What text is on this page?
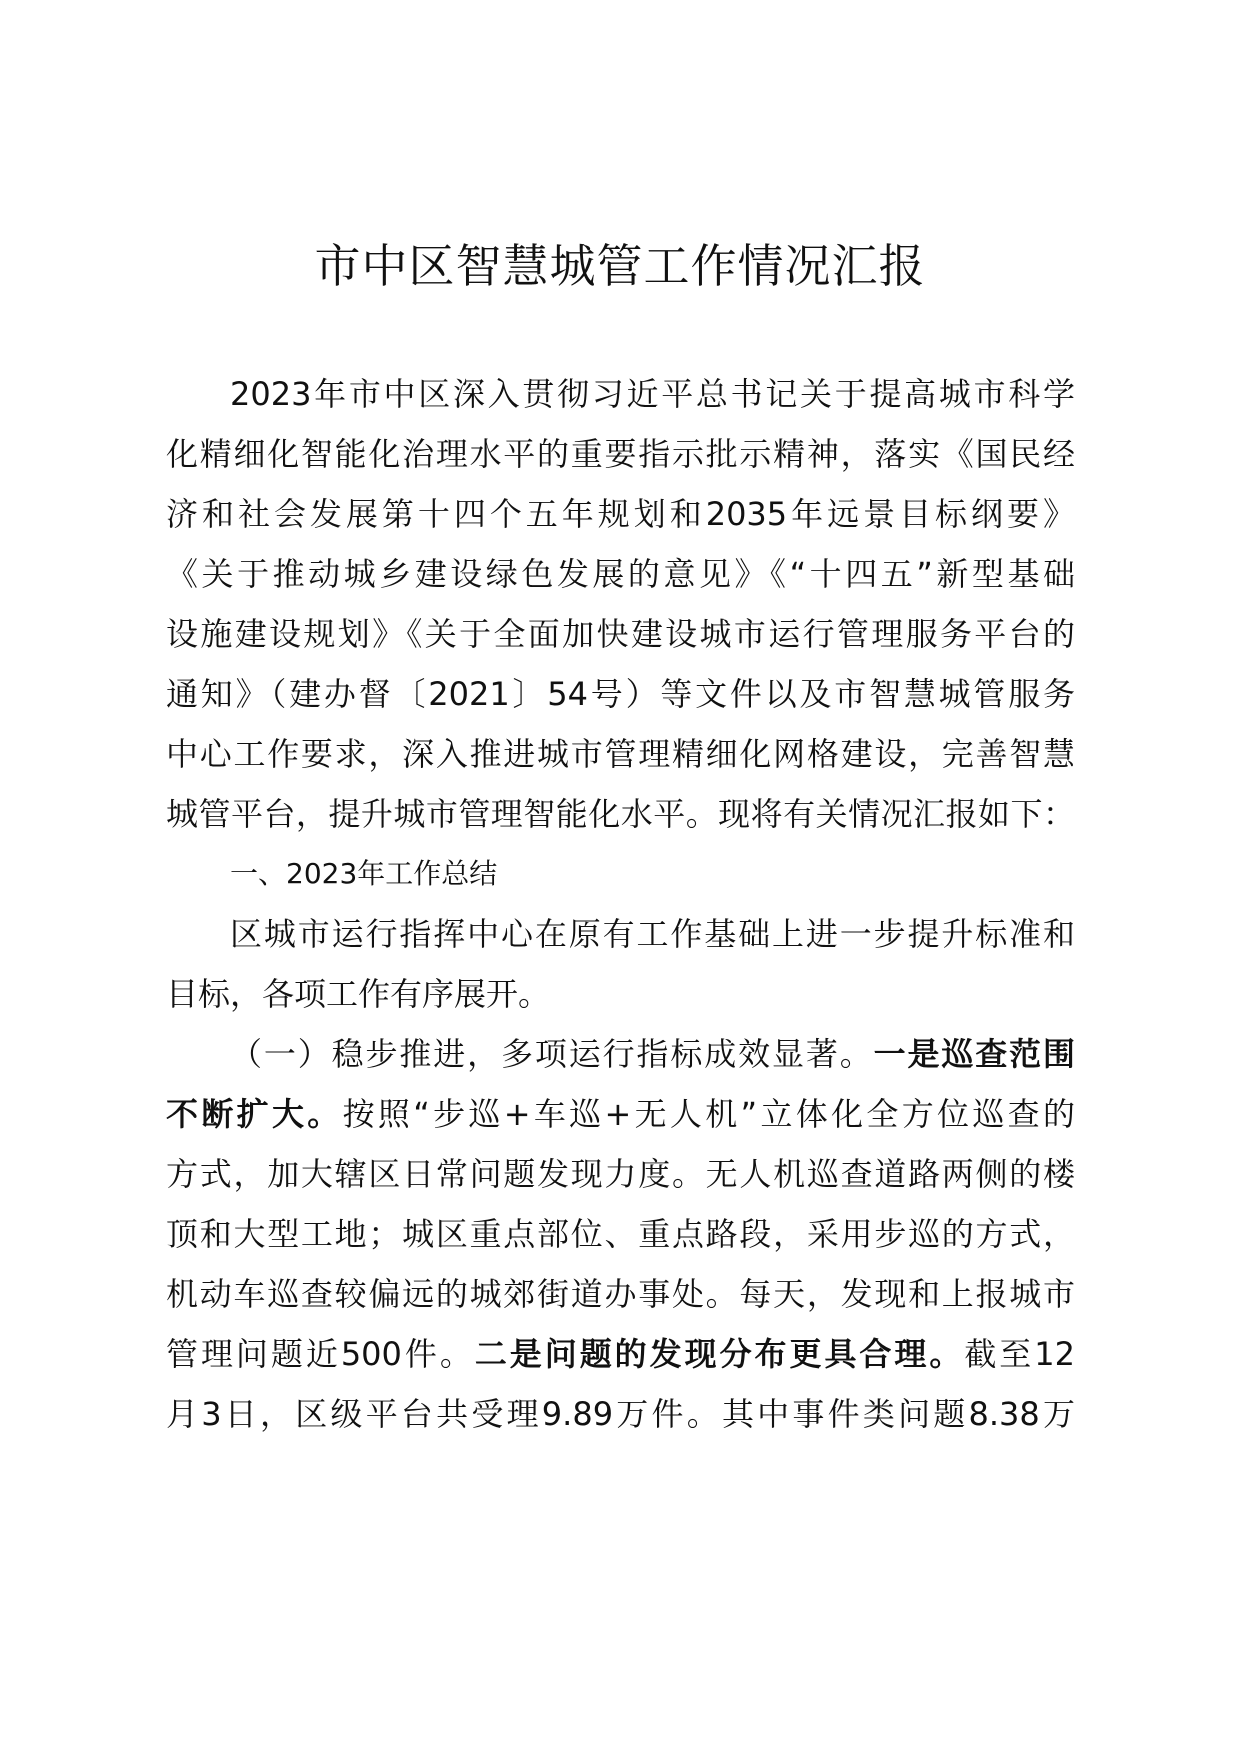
市中区智慧城管工作情况汇报
2023年市中区深入贯彻习近平总书记关于提高城市科学
化精细化智能化治理水平的重要指示批示精神，落实《国民经
济和社会发展第十四个五年规划和2035年远景目标纲要》
《关于推动城乡建设绿色发展的意见》《“十四五”新型基础
设施建设规划》《关于全面加快建设城市运行管理服务平台的
通知》（建办督〔2021〕54号）等文件以及市智慧城管服务
中心工作要求，深入推进城市管理精细化网格建设，完善智慧
城管平台，提升城市管理智能化水平。现将有关情况汇报如下：
一、2023年工作总结
区城市运行指挥中心在原有工作基础上进一步提升标准和
目标，各项工作有序展开。
（一）稳步推进，多项运行指标成效显著。一是巡查范围
不断扩大。按照“步巡+车巡+无人机”立体化全方位巡查的
方式，加大辖区日常问题发现力度。无人机巡查道路两侧的楼
顶和大型工地；城区重点部位、重点路段，采用步巡的方式，
机动车巡查较偏远的城郊街道办事处。每天，发现和上报城市
管理问题近500件。二是问题的发现分布更具合理。截至12
月3日，区级平台共受理9.89万件。其中事件类问题8.38万
